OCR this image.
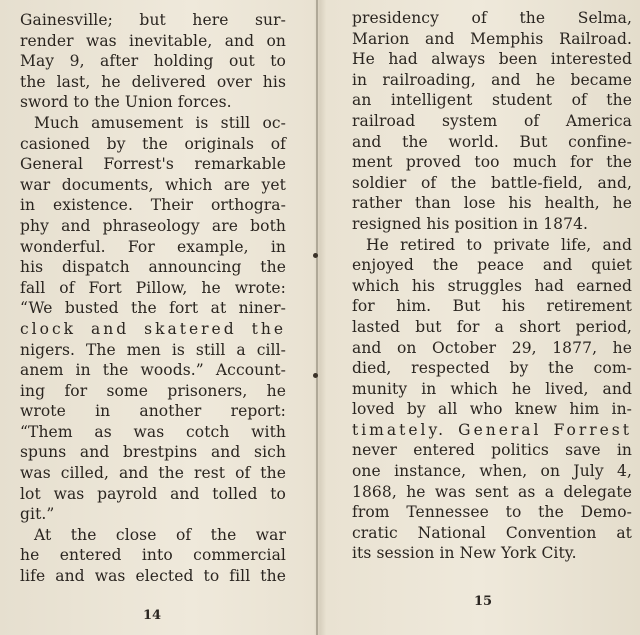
Gainesville; but here sur-
render was inevitable, and on
May 9, after holding out to
the last, he delivered over his
sword to the Union forces.
Much amusement is still oc-
casioned by the originals of
General Forrest's remarkable
war documents, which are yet
in existence. Their orthogra-
phy and phraseology are both
wonderful. For example, in
his dispatch announcing the
fall of Fort Pillow, he wrote:
“We busted the fort at niner-
clock and skatered the
nigers. The men is still a cill-
anem in the woods.” Account-
ing for some prisoners, he
wrote in another report:
“Them as was cotch with
spuns and brestpins and sich
was cilled, and the rest of the
lot was payrold and tolled to
git.”
At the close of the war
he entered into commercial
life and was elected to fill the
presidency of the Selma,
Marion and Memphis Railroad.
He had always been interested
in railroading, and he became
an intelligent student of the
railroad system of America
and the world. But confine-
ment proved too much for the
soldier of the battle-field, and,
rather than lose his health, he
resigned his position in 1874.
He retired to private life, and
enjoyed the peace and quiet
which his struggles had earned
for him. But his retirement
lasted but for a short period,
and on October 29, 1877, he
died, respected by the com-
munity in which he lived, and
loved by all who knew him in-
timately. General Forrest
never entered politics save in
one instance, when, on July 4,
1868, he was sent as a delegate
from Tennessee to the Demo-
cratic National Convention at
its session in New York City.
14
15
